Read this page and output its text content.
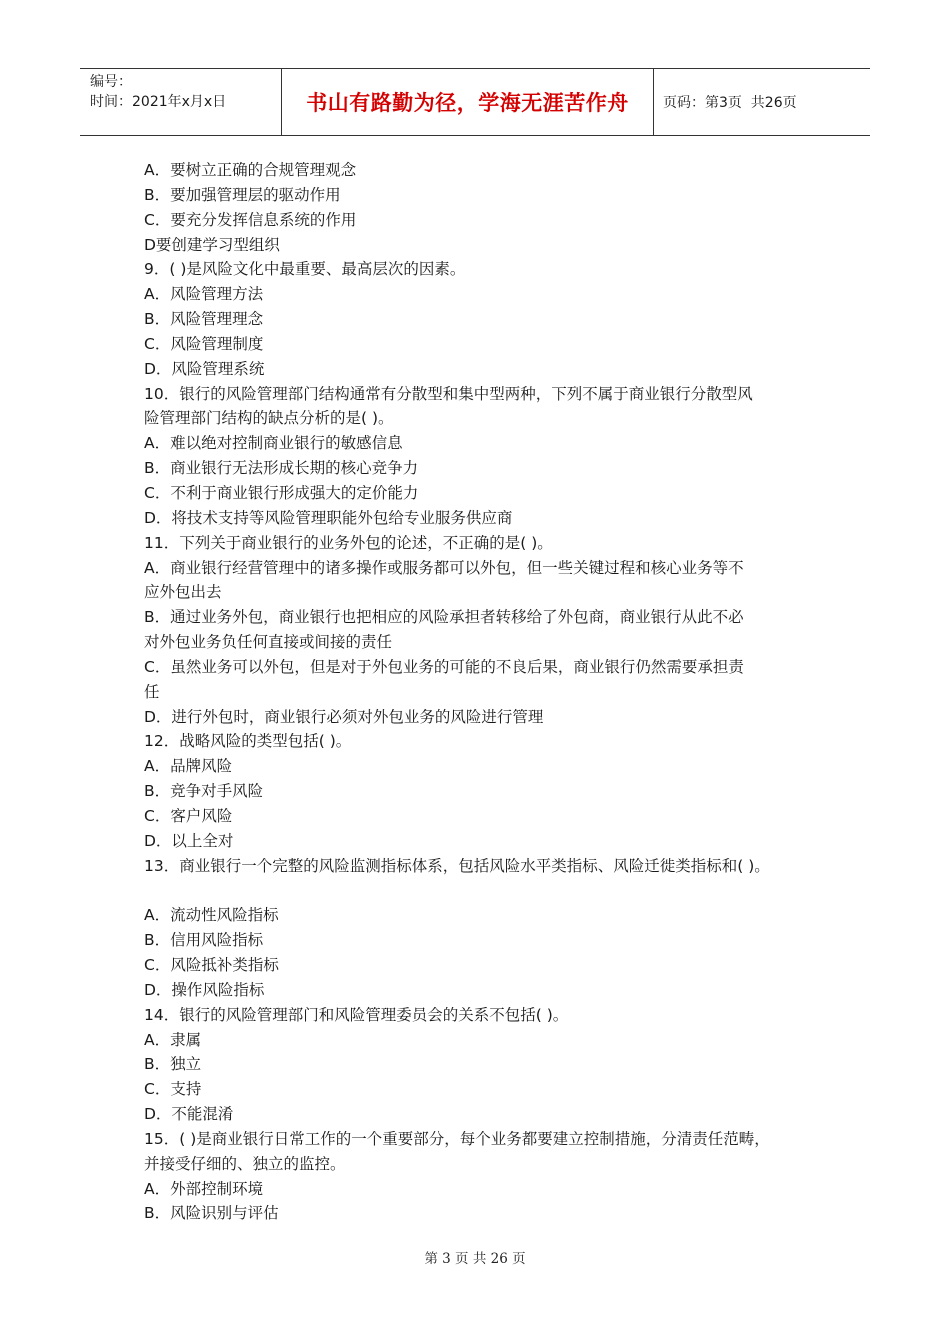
编号：
时间：2021年x月x日	书山有路勤为径，学海无涯苦作舟 页码：第3页  共26页
A．要树立正确的合规管理观念
B．要加强管理层的驱动作用
C．要充分发挥信息系统的作用
D要创建学习型组织
9．( )是风险文化中最重要、最高层次的因素。
A．风险管理方法
B．风险管理理念
C．风险管理制度
D．风险管理系统
10．银行的风险管理部门结构通常有分散型和集中型两种，下列不属于商业银行分散型风
险管理部门结构的缺点分析的是( )。
A．难以绝对控制商业银行的敏感信息
B．商业银行无法形成长期的核心竞争力
C．不利于商业银行形成强大的定价能力
D．将技术支持等风险管理职能外包给专业服务供应商
11．下列关于商业银行的业务外包的论述，不正确的是( )。
A．商业银行经营管理中的诸多操作或服务都可以外包，但一些关键过程和核心业务等不
应外包出去
B．通过业务外包，商业银行也把相应的风险承担者转移给了外包商，商业银行从此不必
对外包业务负任何直接或间接的责任
C．虽然业务可以外包，但是对于外包业务的可能的不良后果，商业银行仍然需要承担责
任
D．进行外包时，商业银行必须对外包业务的风险进行管理
12．战略风险的类型包括( )。
A．品牌风险
B．竞争对手风险
C．客户风险
D．以上全对
13．商业银行一个完整的风险监测指标体系，包括风险水平类指标、风险迁徙类指标和( )。
A．流动性风险指标
B．信用风险指标
C．风险抵补类指标
D．操作风险指标
14．银行的风险管理部门和风险管理委员会的关系不包括( )。
A．隶属
B．独立
C．支持
D．不能混淆
15．( )是商业银行日常工作的一个重要部分，每个业务都要建立控制措施，分清责任范畴，
并接受仔细的、独立的监控。
A．外部控制环境
B．风险识别与评估
第 3 页 共 26 页
